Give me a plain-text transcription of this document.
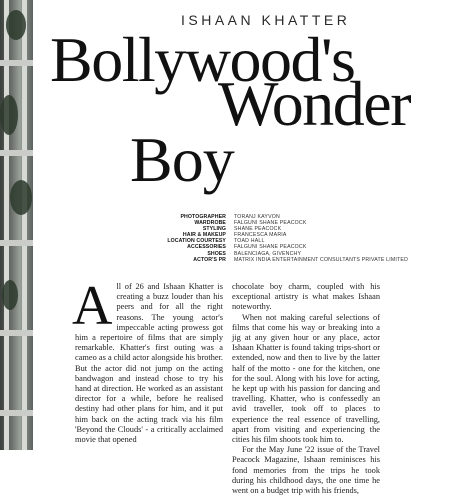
ISHAAN KHATTER
Bollywood's
Wonder
Boy
PHOTOGRAPHER TORANJ KAYVON
WARDROBE FALGUNI SHANE PEACOCK
STYLING SHANE PEACOCK
HAIR & MAKEUP FRANCESCA MARIA
LOCATION COURTESY TOAD HALL
ACCESSORIES FALGUNI SHANE PEACOCK
SHOES BALENCIAGA, GIVENCHY
ACTOR'S PR MATRIX INDIA ENTERTAINMENT CONSULTANTS PRIVATE LIMITED
A ll of 26 and Ishaan Khatter is creating a buzz louder than his peers and for all the right reasons. The young actor's impeccable acting prowess got him a repertoire of films that are simply remarkable. Khatter's first outing was a cameo as a child actor alongside his brother. But the actor did not jump on the acting bandwagon and instead chose to try his hand at direction. He worked as an assistant director for a while, before he realised destiny had other plans for him, and it put him back on the acting track via his film 'Beyond the Clouds' - a critically acclaimed movie that opened

chocolate boy charm, coupled with his exceptional artistry is what makes Ishaan noteworthy.

When not making careful selections of films that come his way or breaking into a jig at any given hour or any place, actor Ishaan Khatter is found taking trips-short or extended, now and then to live by the latter half of the motto - one for the kitchen, one for the soul. Along with his love for acting, he kept up with his passion for dancing and travelling. Khatter, who is confessedly an avid traveller, took off to places to experience the real essence of travelling, apart from visiting and experiencing the cities his film shoots took him to.

For the May June '22 issue of the Travel Peacock Magazine, Ishaan reminisces his fond memories from the trips he took during his childhood days, the one time he went on a budget trip with his friends,
